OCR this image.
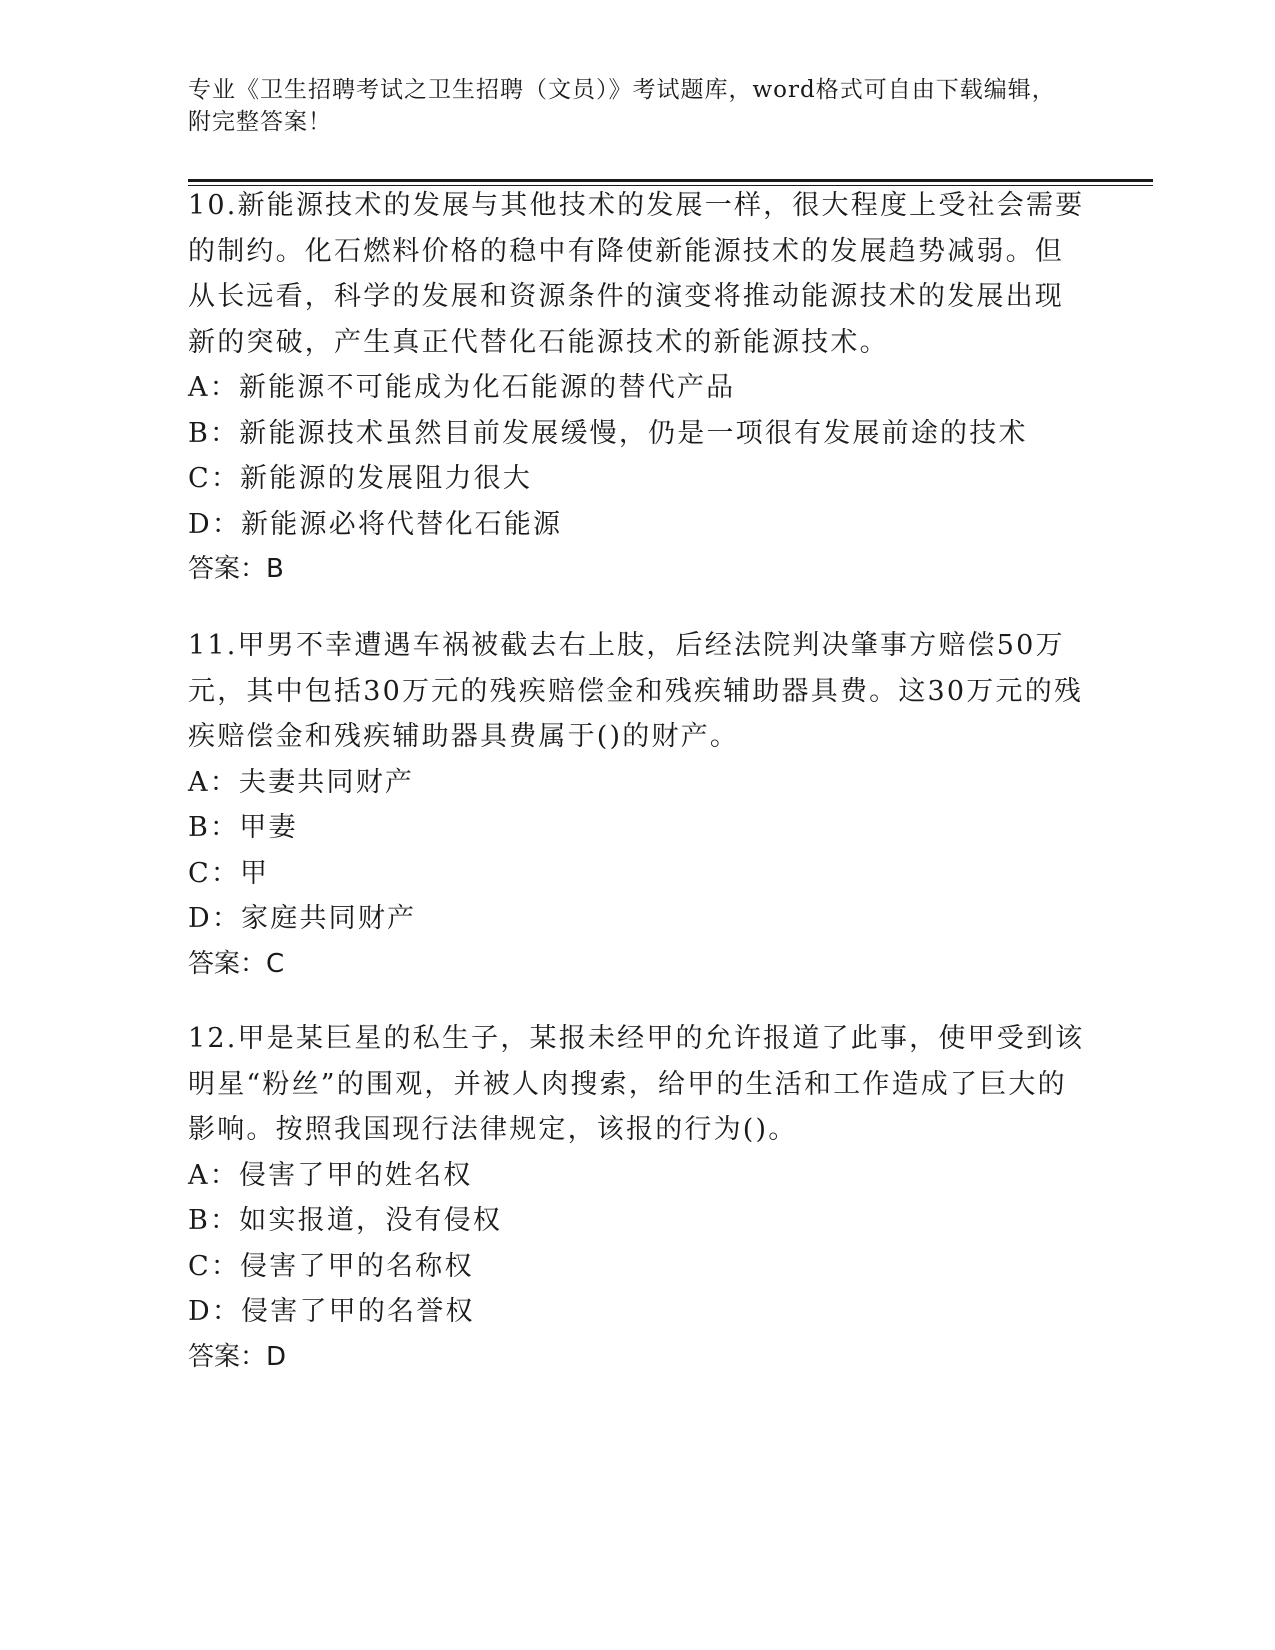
专业《卫生招聘考试之卫生招聘（文员）》考试题库，word格式可自由下载编辑，附完整答案！

10.新能源技术的发展与其他技术的发展一样，很大程度上受社会需要的制约。化石燃料价格的稳中有降使新能源技术的发展趋势减弱。但从长远看，科学的发展和资源条件的演变将推动能源技术的发展出现新的突破，产生真正代替化石能源技术的新能源技术。

A：新能源不可能成为化石能源的替代产品

B：新能源技术虽然目前发展缓慢，仍是一项很有发展前途的技术

C：新能源的发展阻力很大

D：新能源必将代替化石能源

答案：B

11.甲男不幸遭遇车祸被截去右上肢，后经法院判决肇事方赔偿50万元，其中包括30万元的残疾赔偿金和残疾辅助器具费。这30万元的残疾赔偿金和残疾辅助器具费属于()的财产。

A：夫妻共同财产

B：甲妻

C：甲

D：家庭共同财产

答案：C

12.甲是某巨星的私生子，某报未经甲的允许报道了此事，使甲受到该明星“粉丝”的围观，并被人肉搜索，给甲的生活和工作造成了巨大的影响。按照我国现行法律规定，该报的行为()。

A：侵害了甲的姓名权

B：如实报道，没有侵权

C：侵害了甲的名称权

D：侵害了甲的名誉权

答案：D
